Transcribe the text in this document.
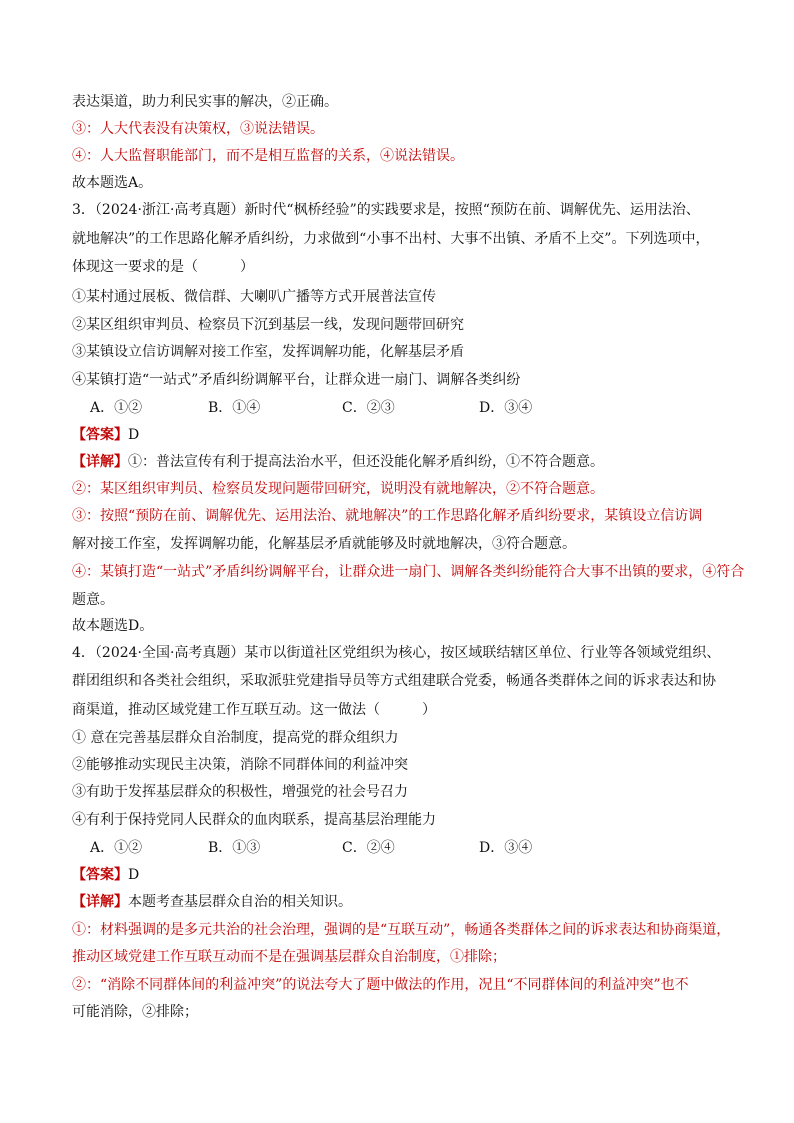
表达渠道，助力利民实事的解决，②正确。
③：人大代表没有决策权，③说法错误。
④：人大监督职能部门，而不是相互监督的关系，④说法错误。
故本题选A。
3．（2024·浙江·高考真题）新时代“枫桥经验”的实践要求是，按照“预防在前、调解优先、运用法治、
就地解决”的工作思路化解矛盾纠纷，力求做到“小事不出村、大事不出镇、矛盾不上交”。下列选项中，
体现这一要求的是（　　　）
①某村通过展板、微信群、大喇叭广播等方式开展普法宣传
②某区组织审判员、检察员下沉到基层一线，发现问题带回研究
③某镇设立信访调解对接工作室，发挥调解功能，化解基层矛盾
④某镇打造“一站式”矛盾纠纷调解平台，让群众进一扇门、调解各类纠纷
A．①②	B．①④	C．②③	D．③④
【答案】D
【详解】①：普法宣传有利于提高法治水平，但还没能化解矛盾纠纷，①不符合题意。
②：某区组织审判员、检察员发现问题带回研究，说明没有就地解决，②不符合题意。
③：按照“预防在前、调解优先、运用法治、就地解决”的工作思路化解矛盾纠纷要求，某镇设立信访调
解对接工作室，发挥调解功能，化解基层矛盾就能够及时就地解决，③符合题意。
④：某镇打造“一站式”矛盾纠纷调解平台，让群众进一扇门、调解各类纠纷能符合大事不出镇的要求，④符合
题意。
故本题选D。
4．（2024·全国·高考真题）某市以街道社区党组织为核心，按区域联结辖区单位、行业等各领域党组织、
群团组织和各类社会组织，采取派驻党建指导员等方式组建联合党委，畅通各类群体之间的诉求表达和协
商渠道，推动区域党建工作互联互动。这一做法（　　　）
① 意在完善基层群众自治制度，提高党的群众组织力
②能够推动实现民主决策，消除不同群体间的利益冲突
③有助于发挥基层群众的积极性，增强党的社会号召力
④有利于保持党同人民群众的血肉联系，提高基层治理能力
A．①②	B．①③	C．②④	D．③④
【答案】D
【详解】本题考查基层群众自治的相关知识。
①：材料强调的是多元共治的社会治理，强调的是“互联互动”，畅通各类群体之间的诉求表达和协商渠道，
推动区域党建工作互联互动而不是在强调基层群众自治制度，①排除；
②：“消除不同群体间的利益冲突”的说法夸大了题中做法的作用，况且“不同群体间的利益冲突”也不
可能消除，②排除；
